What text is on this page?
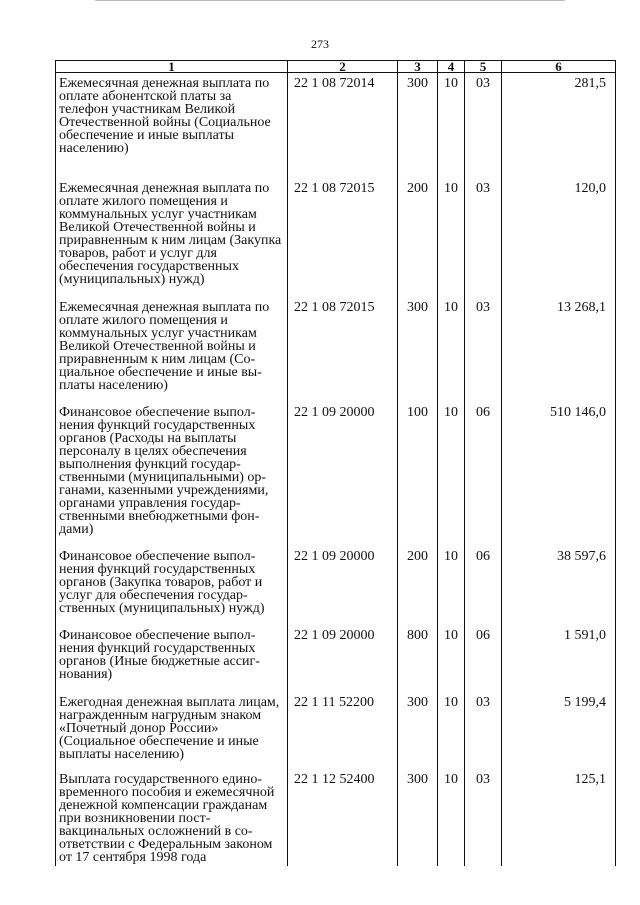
273
1	2	3	4	5	6
Ежемесячная денежная выплата по оплате абонентской платы за телефон участникам Великой Отечественной войны (Социальное обеспечение и иные выплаты населению)	22 1 08 72014	300	10	03	281,5
Ежемесячная денежная выплата по оплате жилого помещения и коммунальных услуг участникам Великой Отечественной войны и приравненным к ним лицам (Закупка товаров, работ и услуг для обеспечения государственных (муниципальных) нужд)	22 1 08 72015	200	10	03	120,0
Ежемесячная денежная выплата по оплате жилого помещения и коммунальных услуг участникам Великой Отечественной войны и приравненным к ним лицам (Социальное обеспечение и иные выплаты населению)	22 1 08 72015	300	10	03	13 268,1
Финансовое обеспечение выполнения функций государственных органов (Расходы на выплаты персоналу в целях обеспечения выполнения функций государственными (муниципальными) органами, казенными учреждениями, органами управления государственными внебюджетными фондами)	22 1 09 20000	100	10	06	510 146,0
Финансовое обеспечение выполнения функций государственных органов (Закупка товаров, работ и услуг для обеспечения государственных (муниципальных) нужд)	22 1 09 20000	200	10	06	38 597,6
Финансовое обеспечение выполнения функций государственных органов (Иные бюджетные ассигнования)	22 1 09 20000	800	10	06	1 591,0
Ежегодная денежная выплата лицам, награжденным нагрудным знаком «Почетный донор России» (Социальное обеспечение и иные выплаты населению)	22 1 11 52200	300	10	03	5 199,4
Выплата государственного единовременного пособия и ежемесячной денежной компенсации гражданам при возникновении поствакцинальных осложнений в соответствии с Федеральным законом от 17 сентября 1998 года	22 1 12 52400	300	10	03	125,1
